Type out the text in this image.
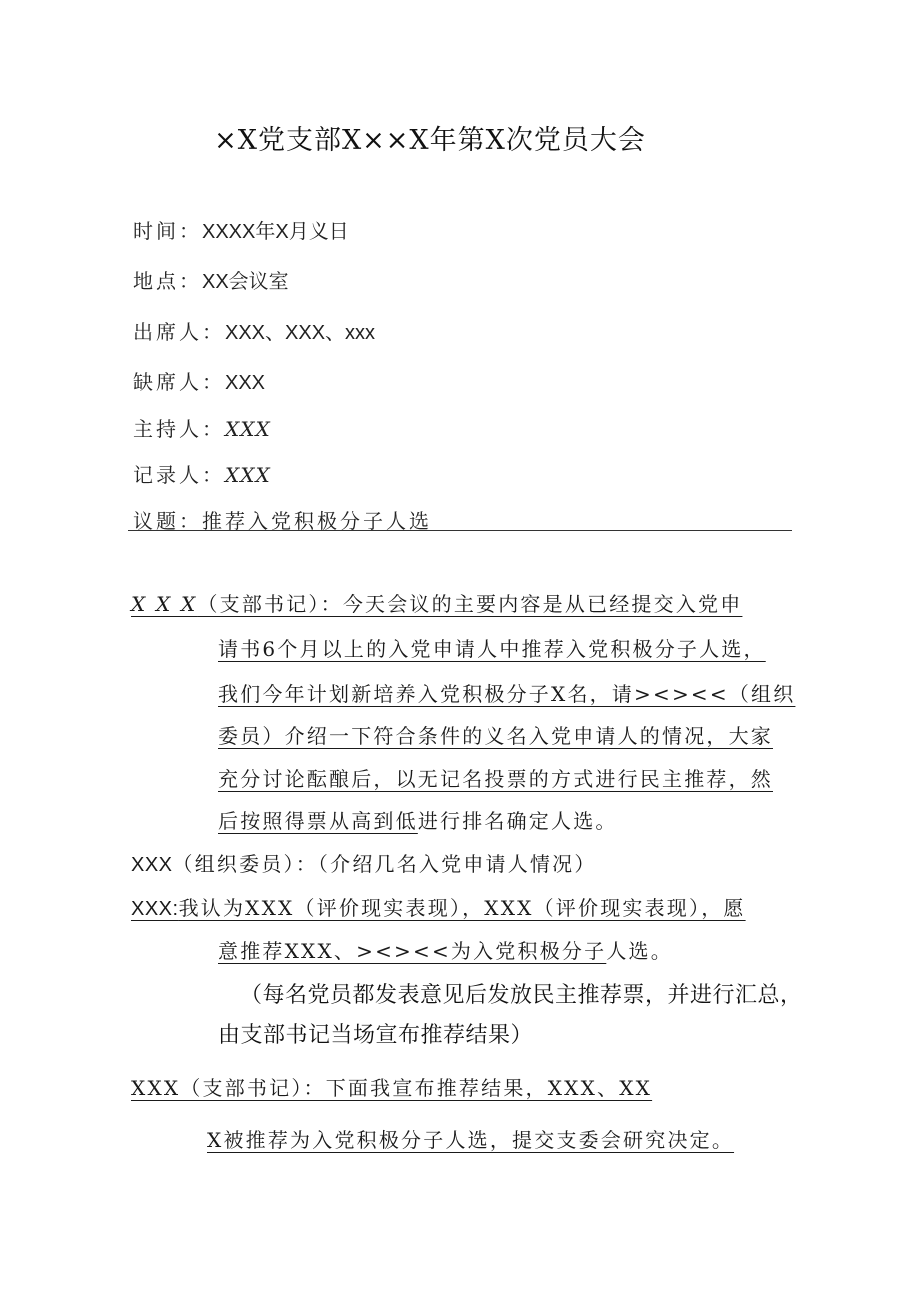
×X党支部X××X年第X次党员大会
时间：XXXX年X月义日
地点：XX会议室
出席人：XXX、XXX、xxx
缺席人：XXX
主持人：XXX
记录人：XXX
议题：推荐入党积极分子人选
X X X（支部书记）：今天会议的主要内容是从已经提交入党申
请书6个月以上的入党申请人中推荐入党积极分子人选，
我们今年计划新培养入党积极分子X名，请><><<（组织
委员）介绍一下符合条件的义名入党申请人的情况，大家
充分讨论酝酿后，以无记名投票的方式进行民主推荐，然
后按照得票从高到低进行排名确定人选。
XXX（组织委员）：（介绍几名入党申请人情况）
XXX:我认为XXX（评价现实表现），XXX（评价现实表现），愿
意推荐XXX、><><<为入党积极分子人选。
（每名党员都发表意见后发放民主推荐票，并进行汇总，
由支部书记当场宣布推荐结果）
XXX（支部书记）：下面我宣布推荐结果，XXX、XX
X被推荐为入党积极分子人选，提交支委会研究决定。
